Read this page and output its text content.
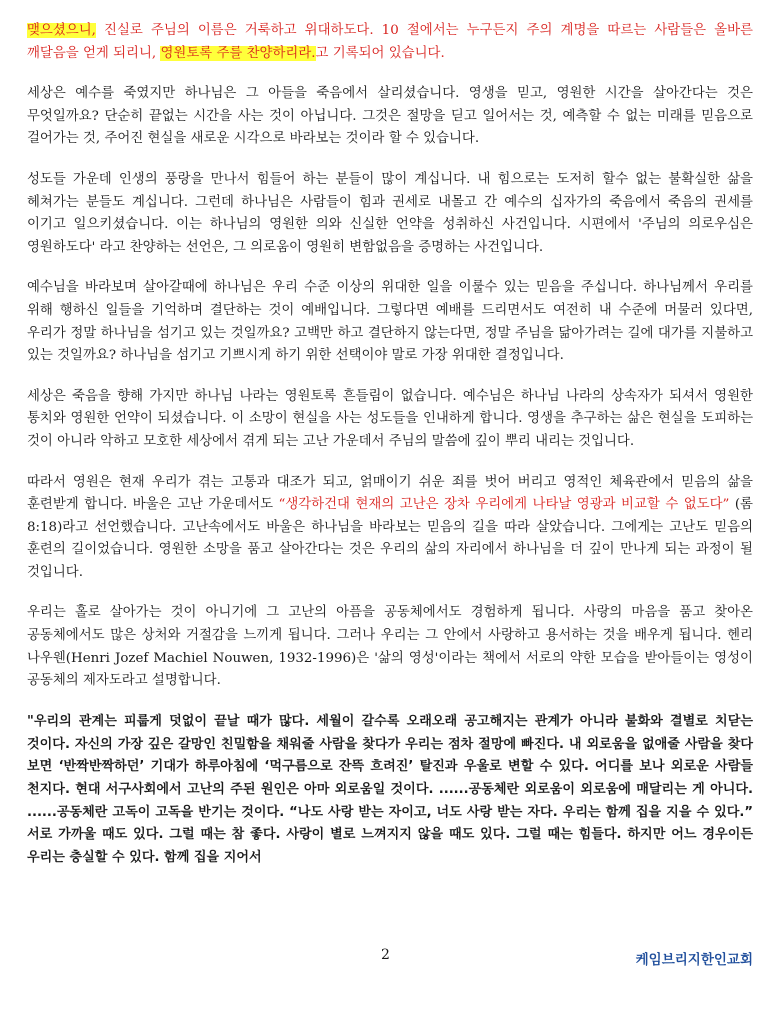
맺으셨으니, 진실로 주님의 이름은 거룩하고 위대하도다. 10 절에서는 누구든지 주의 계명을 따르는 사람들은 올바른 깨달음을 얻게 되리니, 영원토록 주를 찬양하리라.고 기록되어 있습니다.

세상은 예수를 죽였지만 하나님은 그 아들을 죽음에서 살리셨습니다. 영생을 믿고, 영원한 시간을 살아간다는 것은 무엇일까요? 단순히 끝없는 시간을 사는 것이 아닙니다. 그것은 절망을 딛고 일어서는 것, 예측할 수 없는 미래를 믿음으로 걸어가는 것, 주어진 현실을 새로운 시각으로 바라보는 것이라 할 수 있습니다.

성도들 가운데 인생의 풍랑을 만나서 힘들어 하는 분들이 많이 계십니다. 내 힘으로는 도저히 할수 없는 불확실한 삶을 헤쳐가는 분들도 계십니다. 그런데 하나님은 사람들이 힘과 권세로 내몰고 간 예수의 십자가의 죽음에서 죽음의 권세를 이기고 일으키셨습니다. 이는 하나님의 영원한 의와 신실한 언약을 성취하신 사건입니다. 시편에서 '주님의 의로우심은 영원하도다' 라고 찬양하는 선언은, 그 의로움이 영원히 변함없음을 증명하는 사건입니다.

예수님을 바라보며 살아갈때에 하나님은 우리 수준 이상의 위대한 일을 이룰수 있는 믿음을 주십니다. 하나님께서 우리를 위해 행하신 일들을 기억하며 결단하는 것이 예배입니다. 그렇다면 예배를 드리면서도 여전히 내 수준에 머물러 있다면, 우리가 정말 하나님을 섬기고 있는 것일까요? 고백만 하고 결단하지 않는다면, 정말 주님을 닮아가려는 길에 대가를 지불하고 있는 것일까요? 하나님을 섬기고 기쁘시게 하기 위한 선택이야 말로 가장 위대한 결정입니다.

세상은 죽음을 향해 가지만 하나님 나라는 영원토록 흔들림이 없습니다. 예수님은 하나님 나라의 상속자가 되셔서 영원한 통치와 영원한 언약이 되셨습니다. 이 소망이 현실을 사는 성도들을 인내하게 합니다. 영생을 추구하는 삶은 현실을 도피하는 것이 아니라 악하고 모호한 세상에서 겪게 되는 고난 가운데서 주님의 말씀에 깊이 뿌리 내리는 것입니다.

따라서 영원은 현재 우리가 겪는 고통과 대조가 되고, 얽매이기 쉬운 죄를 벗어 버리고 영적인 체육관에서 믿음의 삶을 훈련받게 합니다. 바울은 고난 가운데서도 “생각하건대 현재의 고난은 장차 우리에게 나타날 영광과 비교할 수 없도다” (롬 8:18)라고 선언했습니다. 고난속에서도 바울은 하나님을 바라보는 믿음의 길을 따라 살았습니다. 그에게는 고난도 믿음의 훈련의 길이었습니다. 영원한 소망을 품고 살아간다는 것은 우리의 삶의 자리에서 하나님을 더 깊이 만나게 되는 과정이 될 것입니다.

우리는 홀로 살아가는 것이 아니기에 그 고난의 아픔을 공동체에서도 경험하게 됩니다. 사랑의 마음을 품고 찾아온 공동체에서도 많은 상처와 거절감을 느끼게 됩니다. 그러나 우리는 그 안에서 사랑하고 용서하는 것을 배우게 됩니다. 헨리 나우웬(Henri Jozef Machiel Nouwen, 1932-1996)은 '삶의 영성'이라는 책에서 서로의 약한 모습을 받아들이는 영성이 공동체의 제자도라고 설명합니다.

"우리의 관계는 피룹게 덧없이 끝날 때가 많다. 세월이 갈수록 오래오래 공고해지는 관계가 아니라 불화와 결별로 치닫는 것이다. 자신의 가장 깊은 갈망인 친밀함을 채워줄 사람을 찾다가 우리는 점차 절망에 빠진다. 내 외로움을 없애줄 사람을 찾다 보면 ‘반짝반짝하던’ 기대가 하루아침에 ‘먹구름으로 잔뜩 흐려진’ 탈진과 우울로 변할 수 있다. 어디를 보나 외로운 사람들 천지다. 현대 서구사회에서 고난의 주된 원인은 아마 외로움일 것이다. ......공동체란 외로움이 외로움에 매달리는 게 아니다. ......공동체란 고독이 고독을 반기는 것이다. “나도 사랑 받는 자이고, 너도 사랑 받는 자다. 우리는 함께 집을 지을 수 있다.” 서로 가까울 때도 있다. 그럴 때는 참 좋다. 사랑이 별로 느껴지지 않을 때도 있다. 그럴 때는 힘들다. 하지만 어느 경우이든 우리는 충실할 수 있다. 함께 집을 지어서

2	케임브리지한인교회
